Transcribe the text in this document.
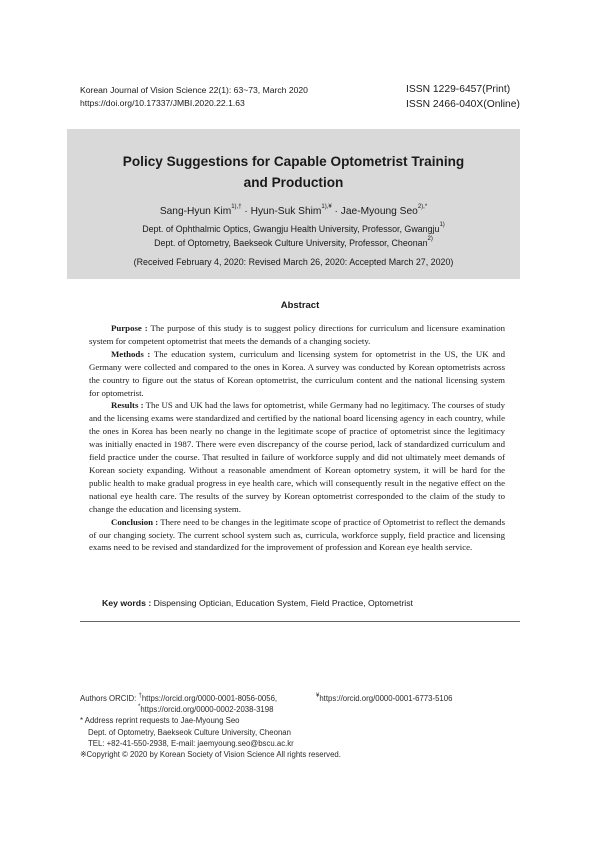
Korean Journal of Vision Science 22(1): 63~73, March 2020
https://doi.org/10.17337/JMBI.2020.22.1.63
ISSN 1229-6457(Print)
ISSN 2466-040X(Online)
Policy Suggestions for Capable Optometrist Training
and Production
Sang-Hyun Kim$^{1),\dagger}$ · Hyun-Suk Shim$^{1),¥}$ · Jae-Myoung Seo$^{2),*}$
Dept. of Ophthalmic Optics, Gwangju Health University, Professor, Gwangju$^{1)}$
Dept. of Optometry, Baekseok Culture University, Professor, Cheonan$^{2)}$
(Received February 4, 2020: Revised March 26, 2020: Accepted March 27, 2020)
Abstract

Purpose : The purpose of this study is to suggest policy directions for curriculum and licensure examination system for competent optometrist that meets the demands of a changing society.

Methods : The education system, curriculum and licensing system for optometrist in the US, the UK and Germany were collected and compared to the ones in Korea. A survey was conducted by Korean optometrists across the country to figure out the status of Korean optometrist, the curriculum content and the national licensing system for optometrist.

Results : The US and UK had the laws for optometrist, while Germany had no legitimacy. The courses of study and the licensing exams were standardized and certified by the national board licensing agency in each country, while the ones in Korea has been nearly no change in the legitimate scope of practice of optometrist since the legitimacy was initially enacted in 1987. There were even discrepancy of the course period, lack of standardized curriculum and field practice under the course. That resulted in failure of workforce supply and did not ultimately meet demands of Korean society expanding. Without a reasonable amendment of Korean optometry system, it will be hard for the public health to make gradual progress in eye health care, which will consequently result in the negative effect on the national eye health care. The results of the survey by Korean optometrist corresponded to the claim of the study to change the education and licensing system.

Conclusion : There need to be changes in the legitimate scope of practice of Optometrist to reflect the demands of our changing society. The current school system such as, curricula, workforce supply, field practice and licensing exams need to be revised and standardized for the improvement of profession and Korean eye health service.

Key words : Dispensing Optician, Education System, Field Practice, Optometrist
Authors ORCID: †https://orcid.org/0000-0001-8056-0056,	¥https://orcid.org/0000-0001-6773-5106
*https://orcid.org/0000-0002-2038-3198
* Address reprint requests to Jae-Myoung Seo
Dept. of Optometry, Baekseok Culture University, Cheonan
TEL: +82-41-550-2938, E-mail: jaemyoung.seo@bscu.ac.kr
※Copyright © 2020 by Korean Society of Vision Science All rights reserved.
